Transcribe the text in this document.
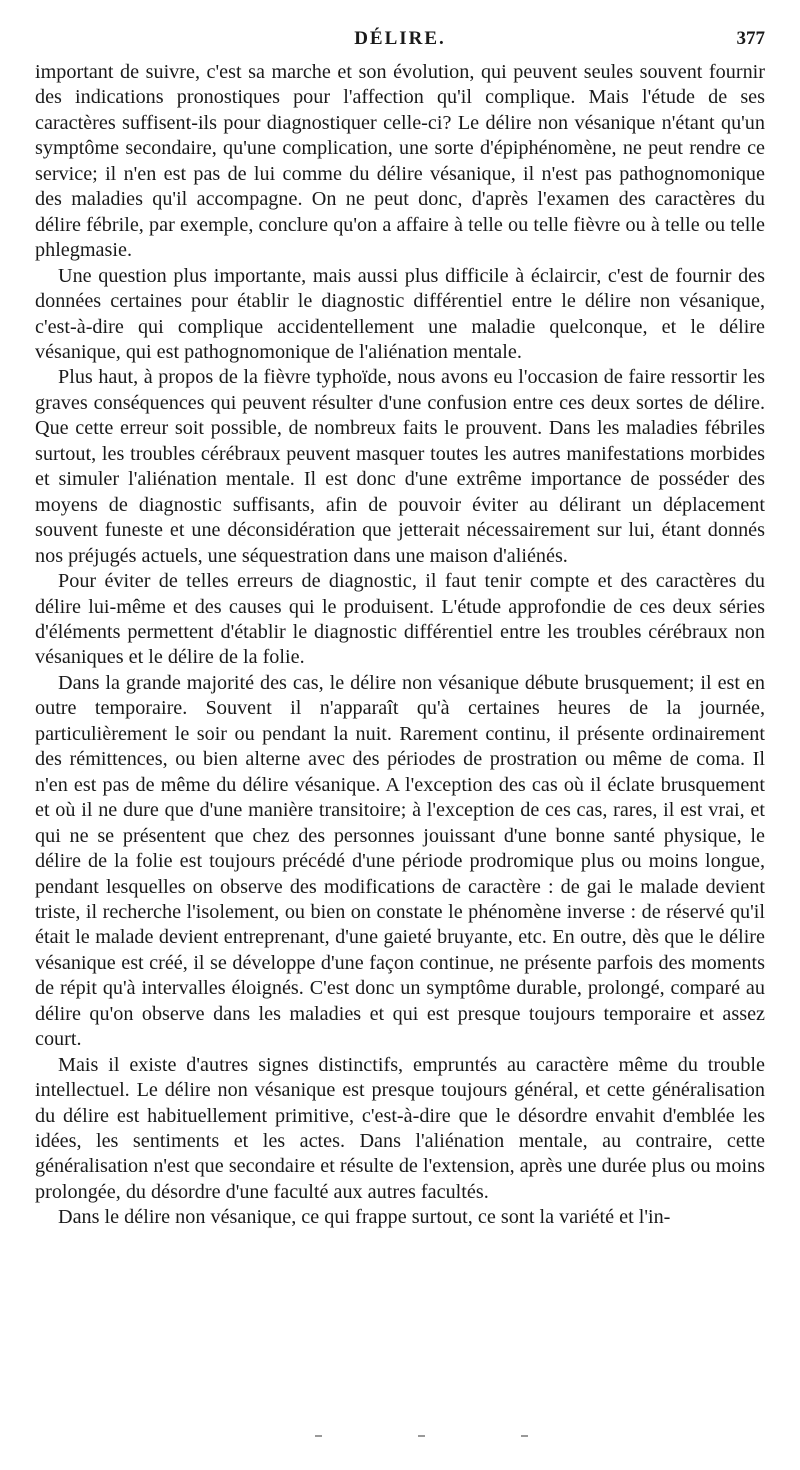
DÉLIRE.	377

important de suivre, c'est sa marche et son évolution, qui peuvent seules souvent fournir des indications pronostiques pour l'affection qu'il complique. Mais l'étude de ses caractères suffisent-ils pour diagnostiquer celle-ci? Le délire non vésanique n'étant qu'un symptôme secondaire, qu'une complication, une sorte d'épiphénomène, ne peut rendre ce service; il n'en est pas de lui comme du délire vésanique, il n'est pas pathognomonique des maladies qu'il accompagne. On ne peut donc, d'après l'examen des caractères du délire fébrile, par exemple, conclure qu'on a affaire à telle ou telle fièvre ou à telle ou telle phlegmasie.

Une question plus importante, mais aussi plus difficile à éclaircir, c'est de fournir des données certaines pour établir le diagnostic différentiel entre le délire non vésanique, c'est-à-dire qui complique accidentellement une maladie quelconque, et le délire vésanique, qui est pathognomonique de l'aliénation mentale.

Plus haut, à propos de la fièvre typhoïde, nous avons eu l'occasion de faire ressortir les graves conséquences qui peuvent résulter d'une confusion entre ces deux sortes de délire. Que cette erreur soit possible, de nombreux faits le prouvent. Dans les maladies fébriles surtout, les troubles cérébraux peuvent masquer toutes les autres manifestations morbides et simuler l'aliénation mentale. Il est donc d'une extrême importance de posséder des moyens de diagnostic suffisants, afin de pouvoir éviter au délirant un déplacement souvent funeste et une déconsidération que jetterait nécessairement sur lui, étant donnés nos préjugés actuels, une séquestration dans une maison d'aliénés.

Pour éviter de telles erreurs de diagnostic, il faut tenir compte et des caractères du délire lui-même et des causes qui le produisent. L'étude approfondie de ces deux séries d'éléments permettent d'établir le diagnostic différentiel entre les troubles cérébraux non vésaniques et le délire de la folie.

Dans la grande majorité des cas, le délire non vésanique débute brusquement; il est en outre temporaire. Souvent il n'apparaît qu'à certaines heures de la journée, particulièrement le soir ou pendant la nuit. Rarement continu, il présente ordinairement des rémittences, ou bien alterne avec des périodes de prostration ou même de coma. Il n'en est pas de même du délire vésanique. A l'exception des cas où il éclate brusquement et où il ne dure que d'une manière transitoire; à l'exception de ces cas, rares, il est vrai, et qui ne se présentent que chez des personnes jouissant d'une bonne santé physique, le délire de la folie est toujours précédé d'une période prodromique plus ou moins longue, pendant lesquelles on observe des modifications de caractère : de gai le malade devient triste, il recherche l'isolement, ou bien on constate le phénomène inverse : de réservé qu'il était le malade devient entreprenant, d'une gaieté bruyante, etc. En outre, dès que le délire vésanique est créé, il se développe d'une façon continue, ne présente parfois des moments de répit qu'à intervalles éloignés. C'est donc un symptôme durable, prolongé, comparé au délire qu'on observe dans les maladies et qui est presque toujours temporaire et assez court.

Mais il existe d'autres signes distinctifs, empruntés au caractère même du trouble intellectuel. Le délire non vésanique est presque toujours général, et cette généralisation du délire est habituellement primitive, c'est-à-dire que le désordre envahit d'emblée les idées, les sentiments et les actes. Dans l'aliénation mentale, au contraire, cette généralisation n'est que secondaire et résulte de l'extension, après une durée plus ou moins prolongée, du désordre d'une faculté aux autres facultés.

Dans le délire non vésanique, ce qui frappe surtout, ce sont la variété et l'in-
